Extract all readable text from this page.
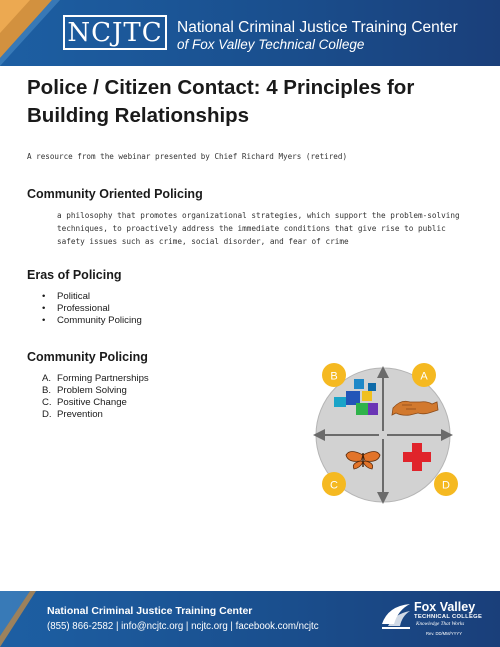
NCJTC National Criminal Justice Training Center
of Fox Valley Technical College
Police / Citizen Contact: 4 Principles for Building Relationships
A resource from the webinar presented by Chief Richard Myers (retired)
Community Oriented Policing
a philosophy that promotes organizational strategies, which support the problem-solving techniques, to proactively address the immediate conditions that give rise to public safety issues such as crime, social disorder, and fear of crime
Eras of Policing
• Political
• Professional
• Community Policing
Community Policing
A. Forming Partnerships
B. Problem Solving
C. Positive Change
D. Prevention
B	A
C	D
National Criminal Justice Training Center
(855) 866-2582 | info@ncjtc.org | ncjtc.org | facebook.com/ncjtc
Fox Valley
TECHNICAL COLLEGE
Knowledge That Works
Rev. DD/MM/YYYY
